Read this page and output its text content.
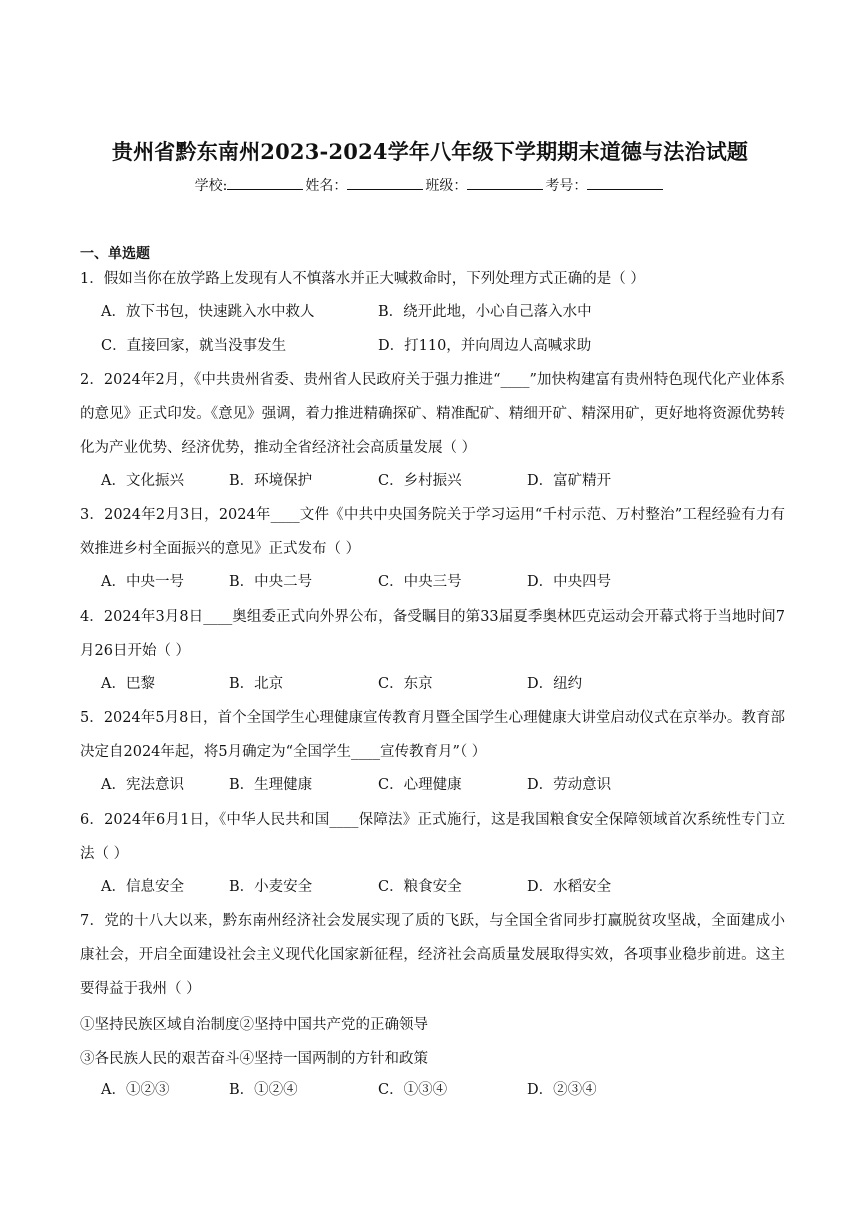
贵州省黔东南州2023-2024学年八年级下学期期末道德与法治试题
学校:	姓名：	班级：	考号：
一、单选题
1．假如当你在放学路上发现有人不慎落水并正大喊救命时，下列处理方式正确的是（ ）
A．放下书包，快速跳入水中救人	B．绕开此地，小心自己落入水中
C．直接回家，就当没事发生	D．打110，并向周边人高喊求助
2．2024年2月，《中共贵州省委、贵州省人民政府关于强力推进“____”加快构建富有贵州特色现代化产业体系的意见》正式印发。《意见》强调，着力推进精确探矿、精准配矿、精细开矿、精深用矿，更好地将资源优势转化为产业优势、经济优势，推动全省经济社会高质量发展（ ）
A．文化振兴	B．环境保护	C．乡村振兴	D．富矿精开
3．2024年2月3日，2024年____文件《中共中央国务院关于学习运用“千村示范、万村整治”工程经验有力有效推进乡村全面振兴的意见》正式发布（ ）
A．中央一号	B．中央二号	C．中央三号	D．中央四号
4．2024年3月8日____奥组委正式向外界公布，备受瞩目的第33届夏季奥林匹克运动会开幕式将于当地时间7月26日开始（ ）
A．巴黎	B．北京	C．东京	D．纽约
5．2024年5月8日，首个全国学生心理健康宣传教育月暨全国学生心理健康大讲堂启动仪式在京举办。教育部决定自2024年起，将5月确定为“全国学生____宣传教育月”（ ）
A．宪法意识	B．生理健康	C．心理健康	D．劳动意识
6．2024年6月1日，《中华人民共和国____保障法》正式施行，这是我国粮食安全保障领域首次系统性专门立法（ ）
A．信息安全	B．小麦安全	C．粮食安全	D．水稻安全
7．党的十八大以来，黔东南州经济社会发展实现了质的飞跃，与全国全省同步打赢脱贫攻坚战，全面建成小康社会，开启全面建设社会主义现代化国家新征程，经济社会高质量发展取得实效，各项事业稳步前进。这主要得益于我州（ ）
①坚持民族区域自治制度②坚持中国共产党的正确领导
③各民族人民的艰苦奋斗④坚持一国两制的方针和政策
A．①②③	B．①②④	C．①③④	D．②③④
